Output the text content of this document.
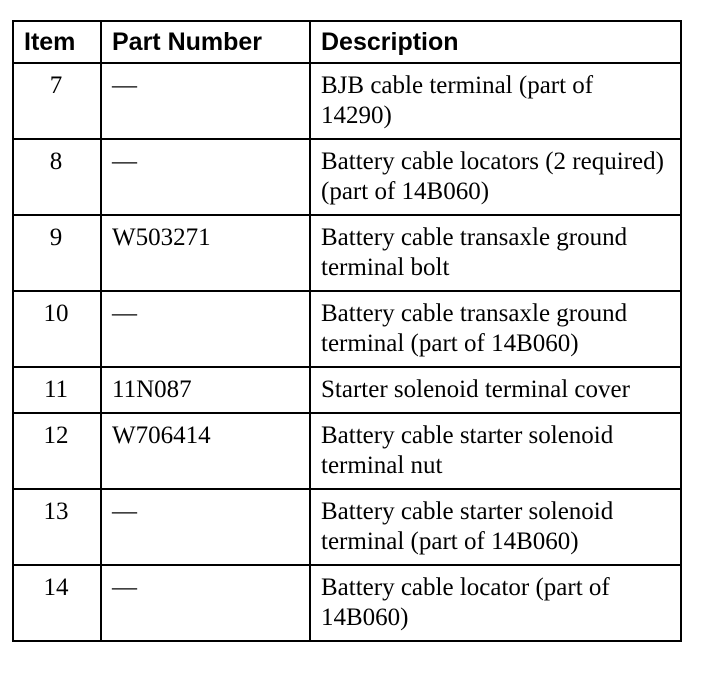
Item	Part Number	Description
7	—	BJB cable terminal (part of 14290)
8	—	Battery cable locators (2 required) (part of 14B060)
9	W503271	Battery cable transaxle ground terminal bolt
10	—	Battery cable transaxle ground terminal (part of 14B060)
11	11N087	Starter solenoid terminal cover
12	W706414	Battery cable starter solenoid terminal nut
13	—	Battery cable starter solenoid terminal (part of 14B060)
14	—	Battery cable locator (part of 14B060)
